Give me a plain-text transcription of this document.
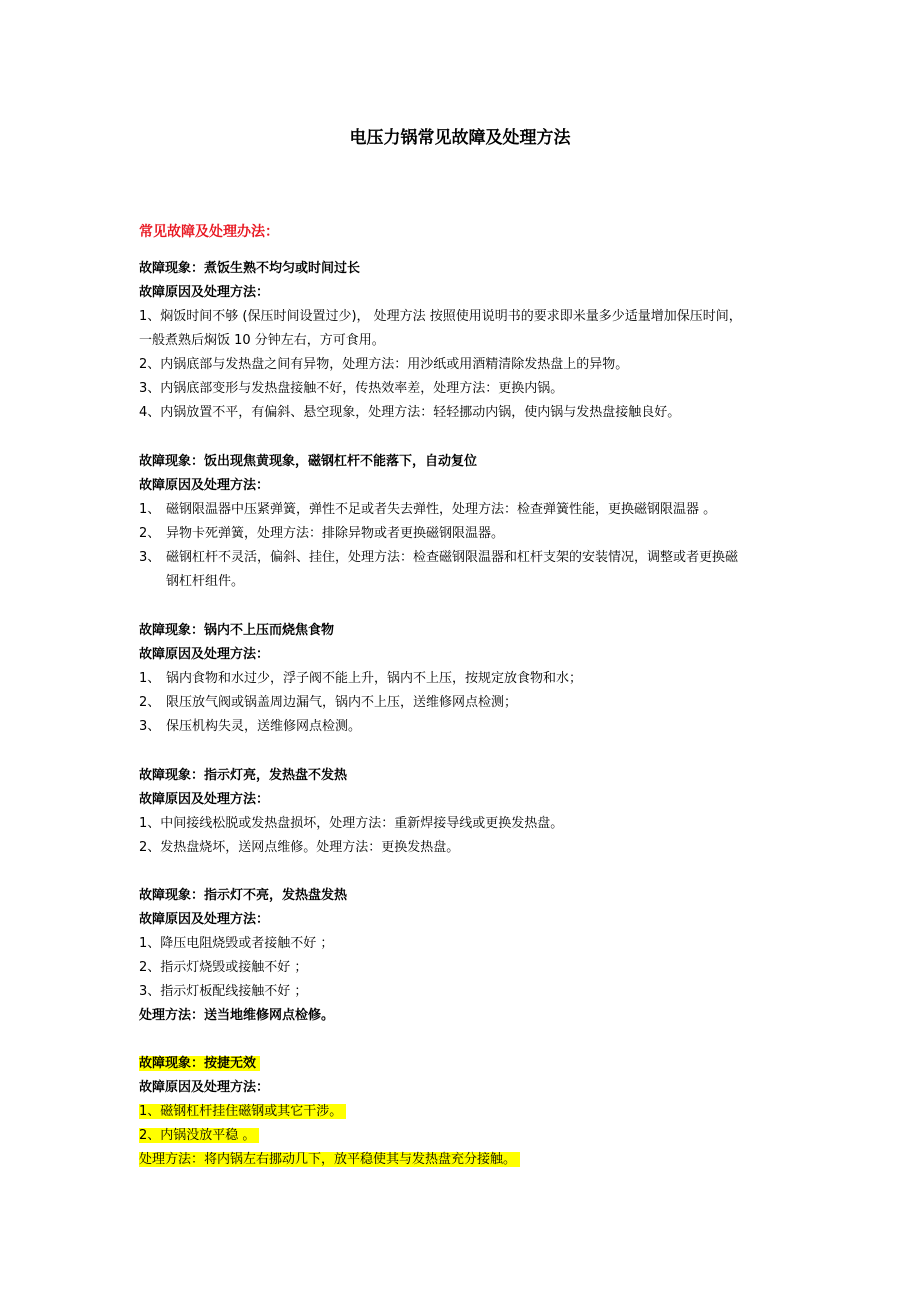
电压力锅常见故障及处理方法
常见故障及处理办法：
故障现象：煮饭生熟不均匀或时间过长
故障原因及处理方法：
1、焖饭时间不够 (保压时间设置过少)， 处理方法 按照使用说明书的要求即米量多少适量增加保压时间，
一般煮熟后焖饭 10 分钟左右，方可食用。
2、内锅底部与发热盘之间有异物，处理方法：用沙纸或用酒精清除发热盘上的异物。
3、内锅底部变形与发热盘接触不好，传热效率差，处理方法：更换内锅。
4、内锅放置不平，有偏斜、悬空现象，处理方法：轻轻挪动内锅，使内锅与发热盘接触良好。
故障现象：饭出现焦黄现象，磁钢杠杆不能落下，自动复位
故障原因及处理方法：
1、 磁钢限温器中压紧弹簧，弹性不足或者失去弹性，处理方法：检查弹簧性能，更换磁钢限温器 。
2、 异物卡死弹簧，处理方法：排除异物或者更换磁钢限温器。
3、 磁钢杠杆不灵活，偏斜、挂住，处理方法：检查磁钢限温器和杠杆支架的安装情况，调整或者更换磁
钢杠杆组件。
故障现象：锅内不上压而烧焦食物
故障原因及处理方法：
1、 锅内食物和水过少，浮子阀不能上升，锅内不上压，按规定放食物和水；
2、 限压放气阀或锅盖周边漏气，锅内不上压，送维修网点检测；
3、 保压机构失灵，送维修网点检测。
故障现象：指示灯亮，发热盘不发热
故障原因及处理方法：
1、中间接线松脱或发热盘损坏，处理方法：重新焊接导线或更换发热盘。
2、发热盘烧坏，送网点维修。处理方法：更换发热盘。
故障现象：指示灯不亮，发热盘发热
故障原因及处理方法：
1、降压电阻烧毁或者接触不好 ；
2、指示灯烧毁或接触不好 ；
3、指示灯板配线接触不好 ；
处理方法：送当地维修网点检修。
故障现象：按捷无效
故障原因及处理方法：
1、磁钢杠杆挂住磁钢或其它干涉。
2、内锅没放平稳 。
处理方法：将内锅左右挪动几下，放平稳使其与发热盘充分接触。
